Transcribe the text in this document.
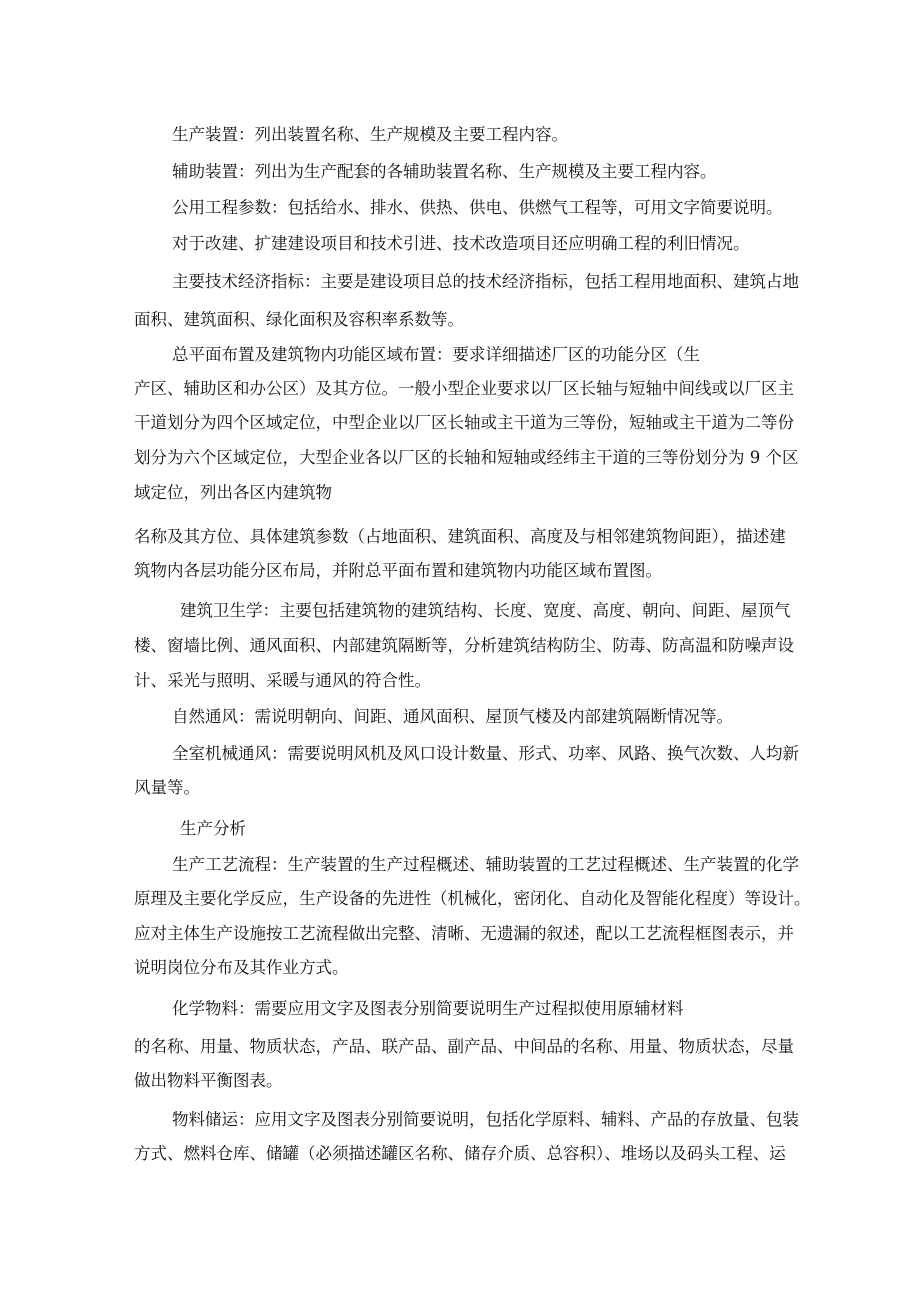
生产装置：列出装置名称、生产规模及主要工程内容。
辅助装置：列出为生产配套的各辅助装置名称、生产规模及主要工程内容。
公用工程参数：包括给水、排水、供热、供电、供燃气工程等，可用文字简要说明。
对于改建、扩建建设项目和技术引进、技术改造项目还应明确工程的利旧情况。
主要技术经济指标：主要是建设项目总的技术经济指标，包括工程用地面积、建筑占地
面积、建筑面积、绿化面积及容积率系数等。
总平面布置及建筑物内功能区域布置：要求详细描述厂区的功能分区（生
产区、辅助区和办公区）及其方位。一般小型企业要求以厂区长轴与短轴中间线或以厂区主
干道划分为四个区域定位，中型企业以厂区长轴或主干道为三等份，短轴或主干道为二等份
划分为六个区域定位，大型企业各以厂区的长轴和短轴或经纬主干道的三等份划分为 9 个区
域定位，列出各区内建筑物
名称及其方位、具体建筑参数（占地面积、建筑面积、高度及与相邻建筑物间距），描述建
筑物内各层功能分区布局，并附总平面布置和建筑物内功能区域布置图。
建筑卫生学：主要包括建筑物的建筑结构、长度、宽度、高度、朝向、间距、屋顶气
楼、窗墙比例、通风面积、内部建筑隔断等，分析建筑结构防尘、防毒、防高温和防噪声设
计、采光与照明、采暖与通风的符合性。
自然通风：需说明朝向、间距、通风面积、屋顶气楼及内部建筑隔断情况等。
全室机械通风：需要说明风机及风口设计数量、形式、功率、风路、换气次数、人均新
风量等。
生产分析
生产工艺流程：生产装置的生产过程概述、辅助装置的工艺过程概述、生产装置的化学
原理及主要化学反应，生产设备的先进性（机械化，密闭化、自动化及智能化程度）等设计。
应对主体生产设施按工艺流程做出完整、清晰、无遗漏的叙述，配以工艺流程框图表示，并
说明岗位分布及其作业方式。
化学物料：需要应用文字及图表分别简要说明生产过程拟使用原辅材料
的名称、用量、物质状态，产品、联产品、副产品、中间品的名称、用量、物质状态，尽量
做出物料平衡图表。
物料储运：应用文字及图表分别简要说明，包括化学原料、辅料、产品的存放量、包装
方式、燃料仓库、储罐（必须描述罐区名称、储存介质、总容积）、堆场以及码头工程、运
